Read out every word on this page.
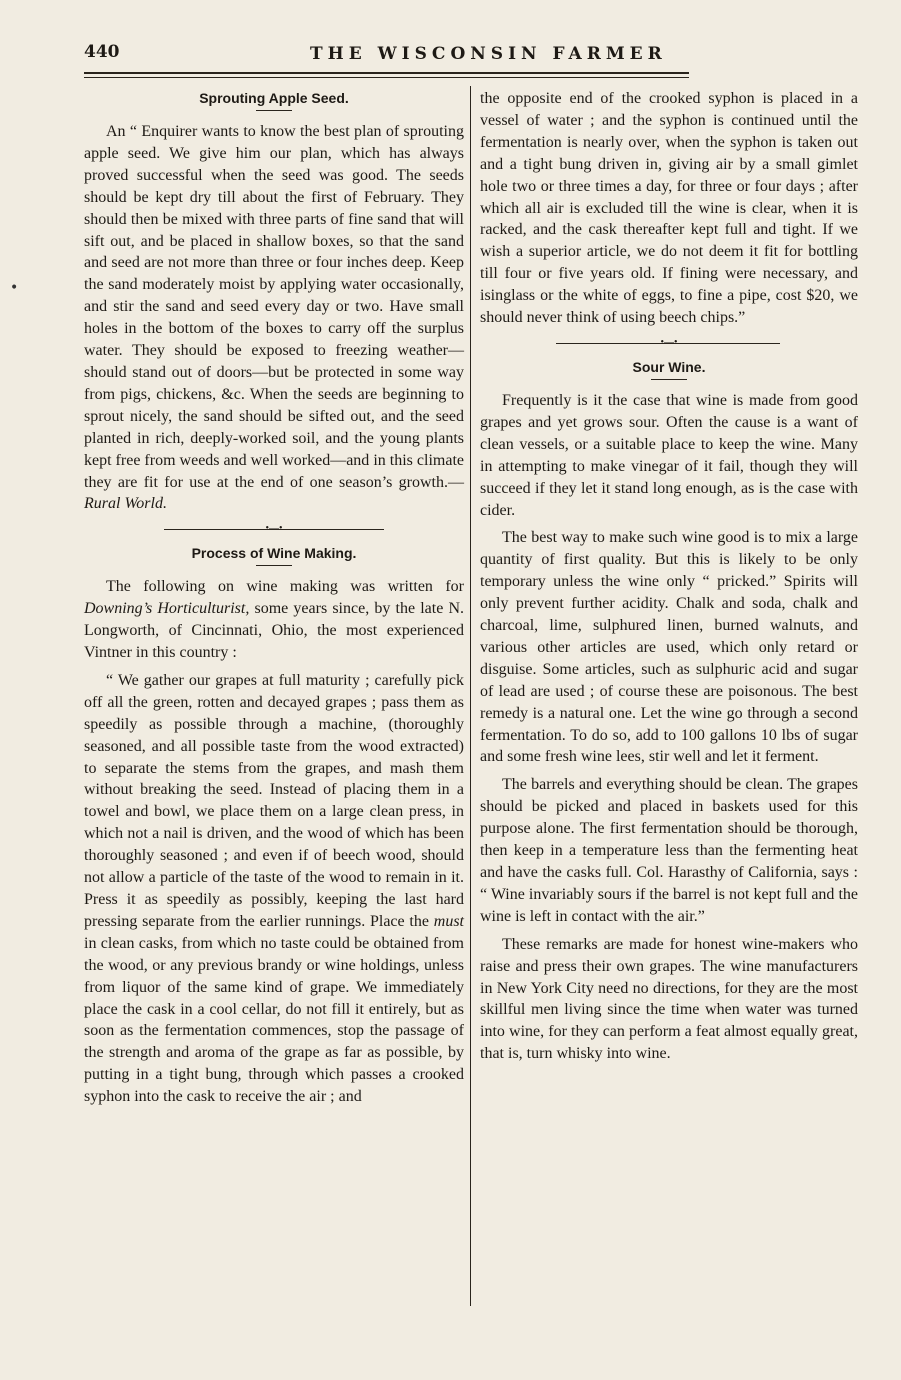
440	THE WISCONSIN FARMER
Sprouting Apple Seed.

An “ Enquirer wants to know the best plan of sprouting apple seed. We give him our plan, which has always proved successful when the seed was good. The seeds should be kept dry till about the first of February. They should then be mixed with three parts of fine sand that will sift out, and be placed in shallow boxes, so that the sand and seed are not more than three or four inches deep. Keep the sand moderately moist by applying water occasionally, and stir the sand and seed every day or two. Have small holes in the bottom of the boxes to carry off the surplus water. They should be exposed to freezing weather—should stand out of doors—but be protected in some way from pigs, chickens, &c. When the seeds are beginning to sprout nicely, the sand should be sifted out, and the seed planted in rich, deeply-worked soil, and the young plants kept free from weeds and well worked—and in this climate they are fit for use at the end of one season’s growth.—Rural World.

•—•
Process of Wine Making.

The following on wine making was written for Downing’s Horticulturist, some years since, by the late N. Longworth, of Cincinnati, Ohio, the most experienced Vintner in this country :

“ We gather our grapes at full maturity ; carefully pick off all the green, rotten and decayed grapes ; pass them as speedily as possible through a machine, (thoroughly seasoned, and all possible taste from the wood extracted) to separate the stems from the grapes, and mash them without breaking the seed. Instead of placing them in a towel and bowl, we place them on a large clean press, in which not a nail is driven, and the wood of which has been thoroughly seasoned ; and even if of beech wood, should not allow a particle of the taste of the wood to remain in it. Press it as speedily as possibly, keeping the last hard pressing separate from the earlier runnings. Place the must in clean casks, from which no taste could be obtained from the wood, or any previous brandy or wine holdings, unless from liquor of the same kind of grape. We immediately place the cask in a cool cellar, do not fill it entirely, but as soon as the fermentation commences, stop the passage of the strength and aroma of the grape as far as possible, by putting in a tight bung, through which passes a crooked syphon into the cask to receive the air ; and

the opposite end of the crooked syphon is placed in a vessel of water ; and the syphon is continued until the fermentation is nearly over, when the syphon is taken out and a tight bung driven in, giving air by a small gimlet hole two or three times a day, for three or four days ; after which all air is excluded till the wine is clear, when it is racked, and the cask thereafter kept full and tight. If we wish a superior article, we do not deem it fit for bottling till four or five years old. If fining were necessary, and isinglass or the white of eggs, to fine a pipe, cost $20, we should never think of using beech chips.”

•—•
Sour Wine.

Frequently is it the case that wine is made from good grapes and yet grows sour. Often the cause is a want of clean vessels, or a suitable place to keep the wine. Many in attempting to make vinegar of it fail, though they will succeed if they let it stand long enough, as is the case with cider.

The best way to make such wine good is to mix a large quantity of first quality. But this is likely to be only temporary unless the wine only “ pricked.” Spirits will only prevent further acidity. Chalk and soda, chalk and charcoal, lime, sulphured linen, burned walnuts, and various other articles are used, which only retard or disguise. Some articles, such as sulphuric acid and sugar of lead are used ; of course these are poisonous. The best remedy is a natural one. Let the wine go through a second fermentation. To do so, add to 100 gallons 10 lbs of sugar and some fresh wine lees, stir well and let it ferment.

The barrels and everything should be clean. The grapes should be picked and placed in baskets used for this purpose alone. The first fermentation should be thorough, then keep in a temperature less than the fermenting heat and have the casks full. Col. Harasthy of California, says : “ Wine invariably sours if the barrel is not kept full and the wine is left in contact with the air.”

These remarks are made for honest wine-makers who raise and press their own grapes. The wine manufacturers in New York City need no directions, for they are the most skillful men living since the time when water was turned into wine, for they can perform a feat almost equally great, that is, turn whisky into wine.

•
